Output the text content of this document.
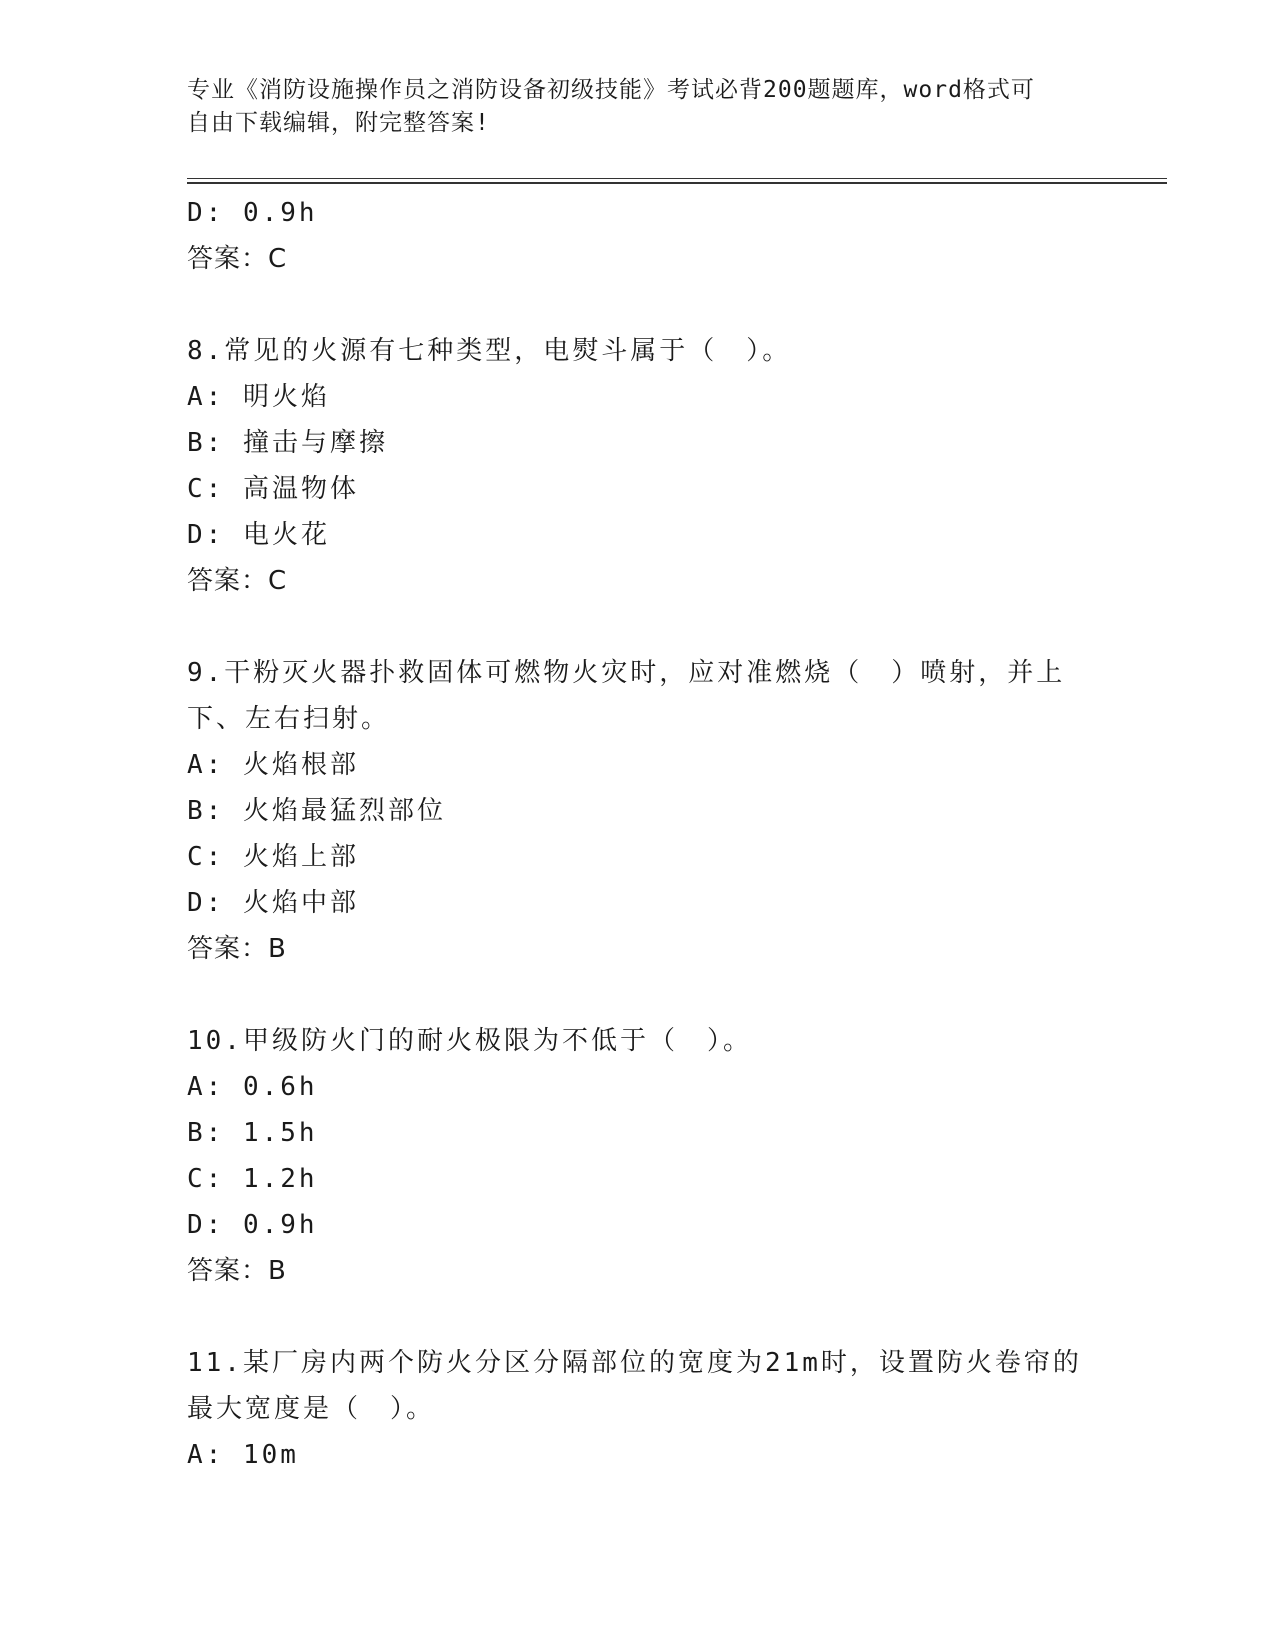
专业《消防设施操作员之消防设备初级技能》考试必背200题题库，word格式可
自由下载编辑，附完整答案!
D: 0.9h
答案：C
8.常见的火源有七种类型，电熨斗属于（　）。
A: 明火焰
B: 撞击与摩擦
C: 高温物体
D: 电火花
答案：C
9.干粉灭火器扑救固体可燃物火灾时，应对准燃烧（　）喷射，并上
下、左右扫射。
A: 火焰根部
B: 火焰最猛烈部位
C: 火焰上部
D: 火焰中部
答案：B
10.甲级防火门的耐火极限为不低于（　）。
A: 0.6h
B: 1.5h
C: 1.2h
D: 0.9h
答案：B
11.某厂房内两个防火分区分隔部位的宽度为21m时，设置防火卷帘的
最大宽度是（　）。
A: 10m
